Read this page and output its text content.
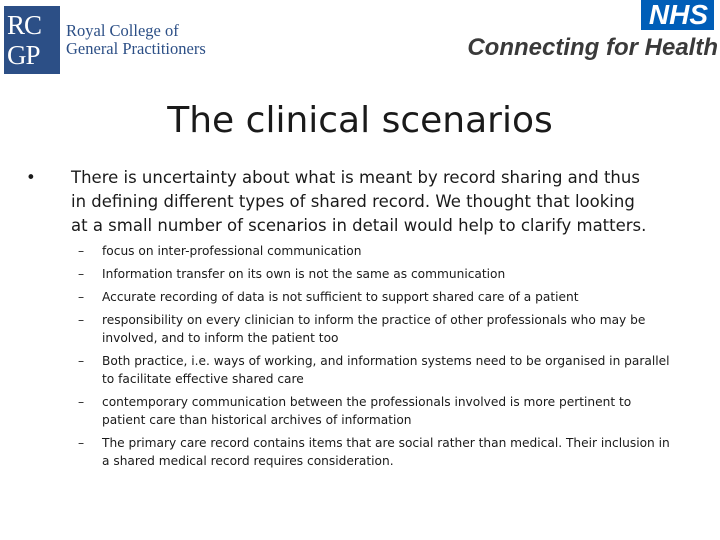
RC
GP
Royal College of
General Practitioners
NHS
Connecting for Health
The clinical scenarios
•	There is uncertainty about what is meant by record sharing and thus in defining different types of shared record. We thought that looking at a small number of scenarios in detail would help to clarify matters.
– focus on inter-professional communication
– Information transfer on its own is not the same as communication
– Accurate recording of data is not sufficient to support shared care of a patient
– responsibility on every clinician to inform the practice of other professionals who may be involved, and to inform the patient too
– Both practice, i.e. ways of working, and information systems need to be organised in parallel to facilitate effective shared care
– contemporary communication between the professionals involved is more pertinent to patient care than historical archives of information
– The primary care record contains items that are social rather than medical. Their inclusion in a shared medical record requires consideration.
